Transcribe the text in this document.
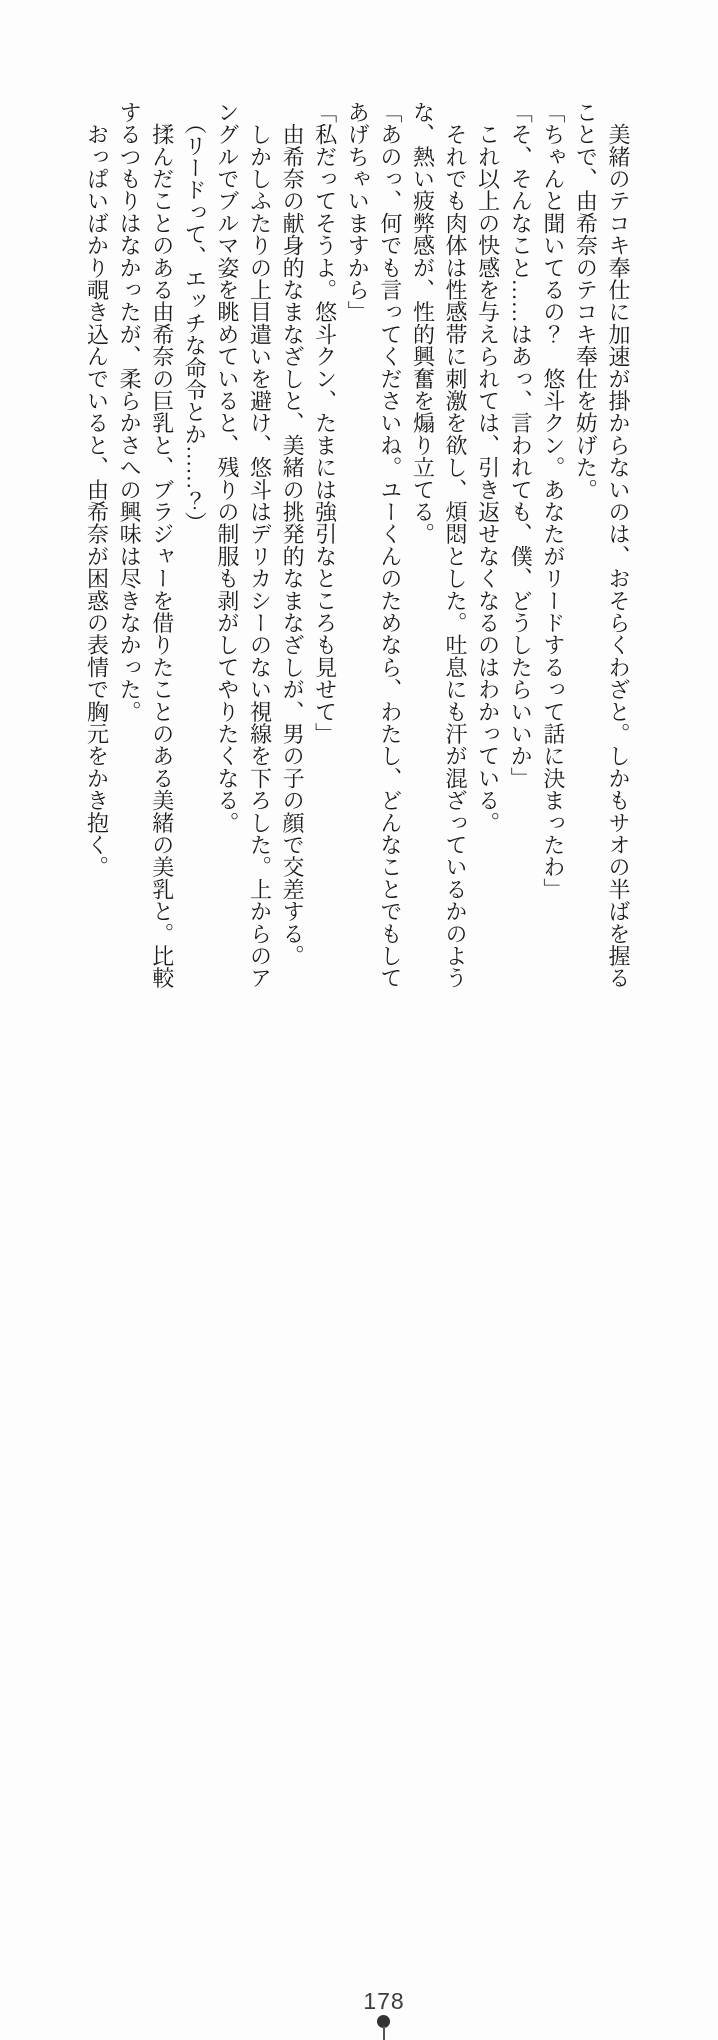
　美緒のテコキ奉仕に加速が掛からないのは、おそらくわざと。しかもサオの半ばを握る

ことで、由希奈のテコキ奉仕を妨げた。

「ちゃんと聞いてるの？　悠斗クン。あなたがリードするって話に決まったわ」

「そ、そんなこと……はあっ、言われても、僕、どうしたらいいか」

　これ以上の快感を与えられては、引き返せなくなるのはわかっている。

　それでも肉体は性感帯に刺激を欲し、煩悶とした。吐息にも汗が混ざっているかのよう

な、熱い疲弊感が、性的興奮を煽り立てる。

「あのっ、何でも言ってくださいね。ユーくんのためなら、わたし、どんなことでもして

あげちゃいますから」

「私だってそうよ。悠斗クン、たまには強引なところも見せて」

　由希奈の献身的なまなざしと、美緒の挑発的なまなざしが、男の子の顔で交差する。

　しかしふたりの上目遣いを避け、悠斗はデリカシーのない視線を下ろした。上からのア

ングルでブルマ姿を眺めていると、残りの制服も剥がしてやりたくなる。

　（リードって、エッチな命令とか……？）

　揉んだことのある由希奈の巨乳と、ブラジャーを借りたことのある美緒の美乳と。比較

するつもりはなかったが、柔らかさへの興味は尽きなかった。

　おっぱいばかり覗き込んでいると、由希奈が困惑の表情で胸元をかき抱く。

178
